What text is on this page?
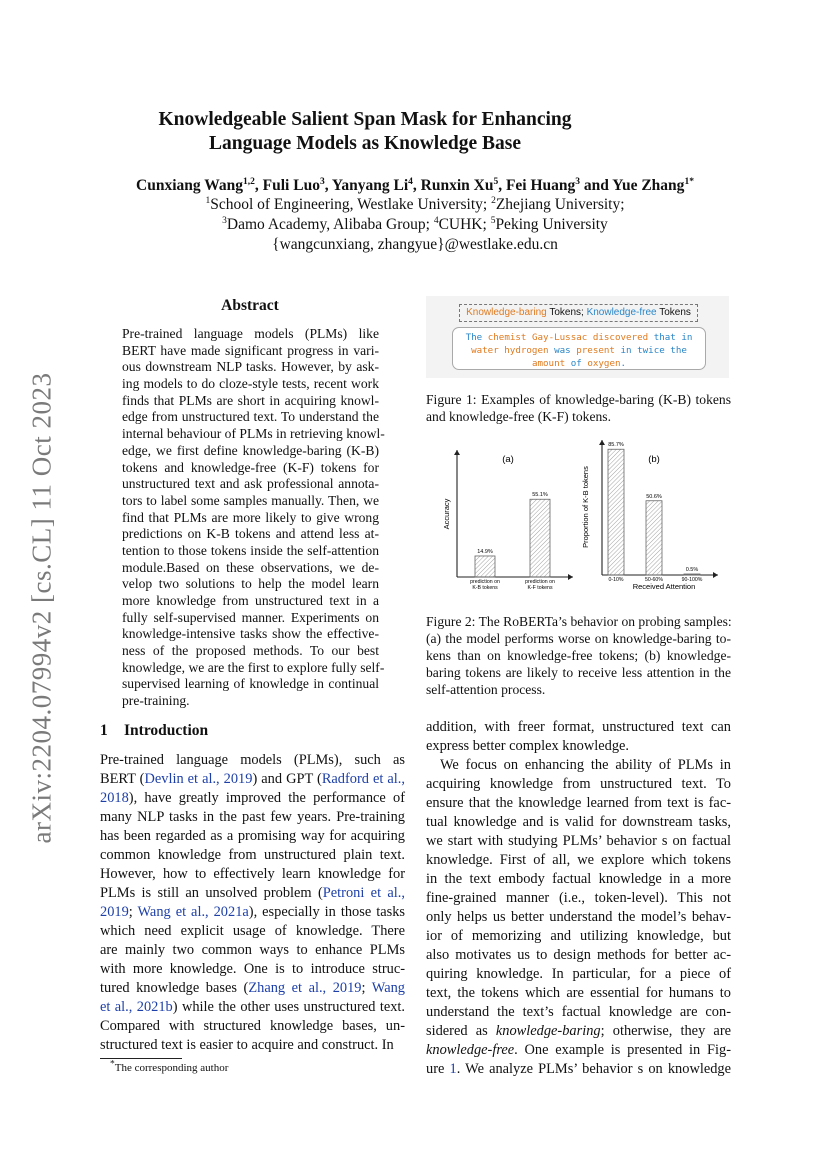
arXiv:2204.07994v2 [cs.CL] 11 Oct 2023
Knowledgeable Salient Span Mask for Enhancing
Language Models as Knowledge Base
Cunxiang Wang$^{1,2}$, Fuli Luo$^3$, Yanyang Li$^4$, Runxin Xu$^5$, Fei Huang$^3$ and Yue Zhang$^{1*}$
$^1$School of Engineering, Westlake University; $^2$Zhejiang University;
$^3$Damo Academy, Alibaba Group; $^4$CUHK; $^5$Peking University
{wangcunxiang, zhangyue}@westlake.edu.cn
Abstract
Pre-trained language models (PLMs) like
BERT have made significant progress in vari-
ous downstream NLP tasks. However, by ask-
ing models to do cloze-style tests, recent work
finds that PLMs are short in acquiring knowl-
edge from unstructured text. To understand the
internal behaviour of PLMs in retrieving knowl-
edge, we first define knowledge-baring (K-B)
tokens and knowledge-free (K-F) tokens for
unstructured text and ask professional annota-
tors to label some samples manually. Then, we
find that PLMs are more likely to give wrong
predictions on K-B tokens and attend less at-
tention to those tokens inside the self-attention
module.Based on these observations, we de-
velop two solutions to help the model learn
more knowledge from unstructured text in a
fully self-supervised manner. Experiments on
knowledge-intensive tasks show the effective-
ness of the proposed methods. To our best
knowledge, we are the first to explore fully self-
supervised learning of knowledge in continual
pre-training.
1 Introduction
Pre-trained language models (PLMs), such as
BERT (Devlin et al., 2019) and GPT (Radford et al.,
2018), have greatly improved the performance of
many NLP tasks in the past few years. Pre-training
has been regarded as a promising way for acquiring
common knowledge from unstructured plain text.
However, how to effectively learn knowledge for
PLMs is still an unsolved problem (Petroni et al.,
2019; Wang et al., 2021a), especially in those tasks
which need explicit usage of knowledge. There
are mainly two common ways to enhance PLMs
with more knowledge. One is to introduce struc-
tured knowledge bases (Zhang et al., 2019; Wang
et al., 2021b) while the other uses unstructured text.
Compared with structured knowledge bases, un-
structured text is easier to acquire and construct. In
addition, with freer format, unstructured text can
express better complex knowledge.
We focus on enhancing the ability of PLMs in
acquiring knowledge from unstructured text. To
ensure that the knowledge learned from text is fac-
tual knowledge and is valid for downstream tasks,
we start with studying PLMs’ behavior s on factual
knowledge. First of all, we explore which tokens
in the text embody factual knowledge in a more
fine-grained manner (i.e., token-level). This not
only helps us better understand the model’s behav-
ior of memorizing and utilizing knowledge, but
also motivates us to design methods for better ac-
quiring knowledge. In particular, for a piece of
text, the tokens which are essential for humans to
understand the text’s factual knowledge are con-
sidered as knowledge-baring; otherwise, they are
knowledge-free. One example is presented in Fig-
ure 1. We analyze PLMs’ behavior s on knowledge
*The corresponding author
Knowledge-baring Tokens; Knowledge-free Tokens
The chemist Gay-Lussac discovered that in
water hydrogen was present in twice the
amount of oxygen.
Figure 1: Examples of knowledge-baring (K-B) tokens
and knowledge-free (K-F) tokens.
(a)
Accuracy
14.9%
prediction on
K-B tokens
55.1%
prediction on
K-F tokens
(b)
Proportion of K-B tokens
85.7%
0-10%
50.6%
50-60%
0.5%
90-100%
Received Attention
Figure 2: The RoBERTa’s behavior on probing samples:
(a) the model performs worse on knowledge-baring to-
kens than on knowledge-free tokens; (b) knowledge-
baring tokens are likely to receive less attention in the
self-attention process.
